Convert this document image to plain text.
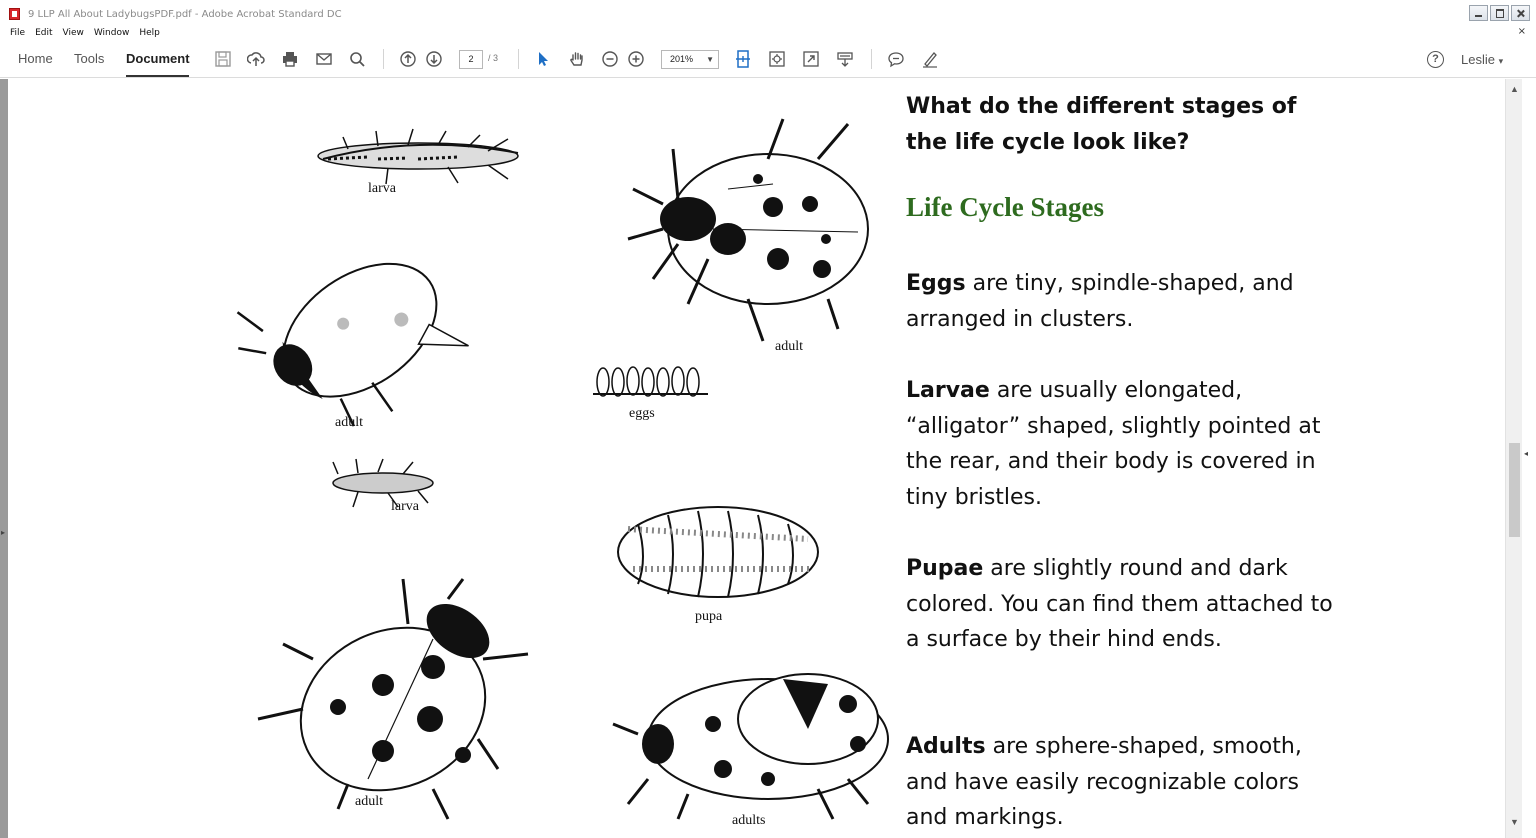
9 LLP All About LadybugsPDF.pdf - Adobe Acrobat Standard DC
File Edit View Window Help	×
Home Tools Document	2	/ 3	201% ▼	?	Leslie ▾
▸
larva
adult
adult
eggs
larva
pupa
adult
adults
What do the different stages of the life cycle look like?
Life Cycle Stages
Eggs are tiny, spindle-shaped, and arranged in clusters.
Larvae are usually elongated, “alligator” shaped, slightly pointed at the rear, and their body is covered in tiny bristles.
Pupae are slightly round and dark colored. You can find them attached to a surface by their hind ends.
Adults are sphere-shaped, smooth, and have easily recognizable colors and markings.
▲
▼
◂
